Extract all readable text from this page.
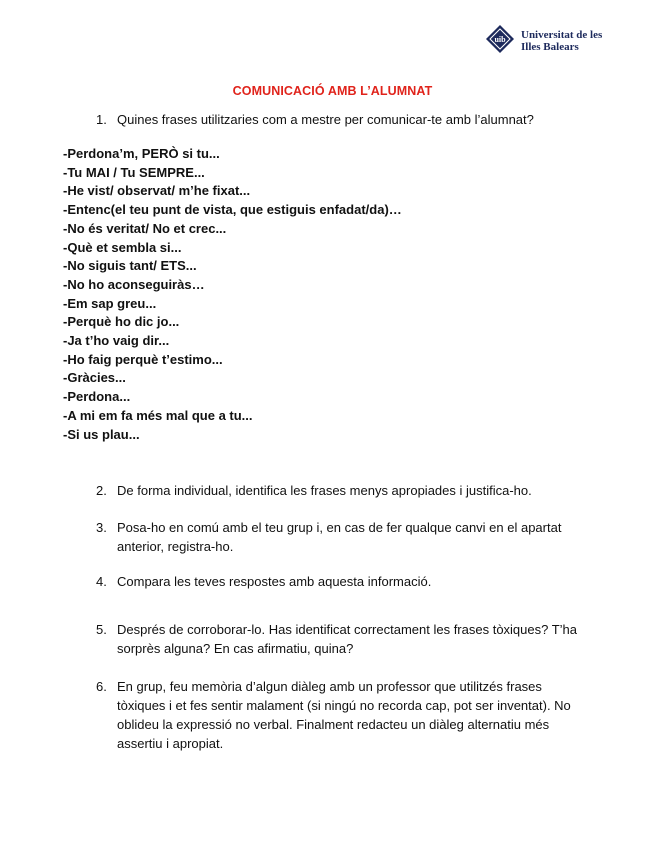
uib Universitat de les
Illes Balears
COMUNICACIÓ AMB L’ALUMNAT
1. Quines frases utilitzaries com a mestre per comunicar-te amb l’alumnat?
-Perdona’m, PERÒ si tu...
-Tu MAI / Tu SEMPRE...
-He vist/ observat/ m’he fixat...
-Entenc(el teu punt de vista, que estiguis enfadat/da)…
-No és veritat/ No et crec...
-Què et sembla si...
-No siguis tant/ ETS...
-No ho aconseguiràs…
-Em sap greu...
-Perquè ho dic jo...
-Ja t’ho vaig dir...
-Ho faig perquè t’estimo...
-Gràcies...
-Perdona...
-A mi em fa més mal que a tu...
-Si us plau...
2. De forma individual, identifica les frases menys apropiades i justifica-ho.
3. Posa-ho en comú amb el teu grup i, en cas de fer qualque canvi en el apartat anterior, registra-ho.
4. Compara les teves respostes amb aquesta informació.
5. Després de corroborar-lo. Has identificat correctament les frases tòxiques? T’ha sorprès alguna? En cas afirmatiu, quina?
6. En grup, feu memòria d’algun diàleg amb un professor que utilitzés frases tòxiques i et fes sentir malament (si ningú no recorda cap, pot ser inventat). No oblideu la expressió no verbal. Finalment redacteu un diàleg alternatiu més assertiu i apropiat.
